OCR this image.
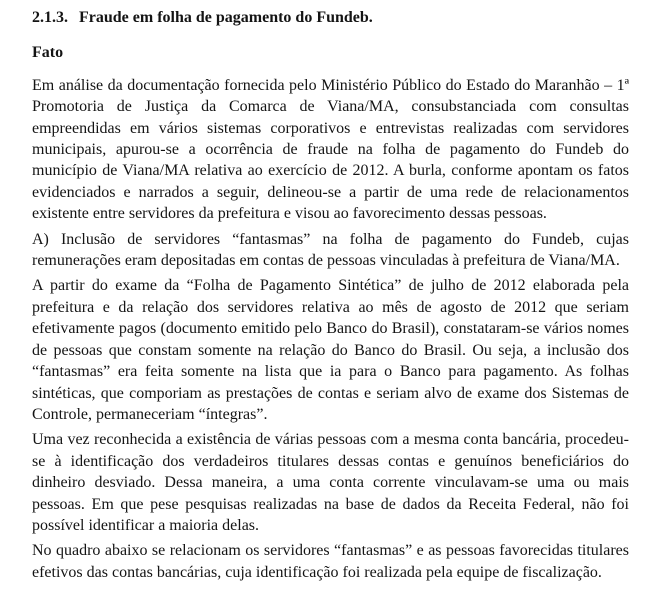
2.1.3. Fraude em folha de pagamento do Fundeb.
Fato

Em análise da documentação fornecida pelo Ministério Público do Estado do Maranhão – 1ª Promotoria de Justiça da Comarca de Viana/MA, consubstanciada com consultas empreendidas em vários sistemas corporativos e entrevistas realizadas com servidores municipais, apurou-se a ocorrência de fraude na folha de pagamento do Fundeb do município de Viana/MA relativa ao exercício de 2012. A burla, conforme apontam os fatos evidenciados e narrados a seguir, delineou-se a partir de uma rede de relacionamentos existente entre servidores da prefeitura e visou ao favorecimento dessas pessoas.

A) Inclusão de servidores “fantasmas” na folha de pagamento do Fundeb, cujas remunerações eram depositadas em contas de pessoas vinculadas à prefeitura de Viana/MA.

A partir do exame da “Folha de Pagamento Sintética” de julho de 2012 elaborada pela prefeitura e da relação dos servidores relativa ao mês de agosto de 2012 que seriam efetivamente pagos (documento emitido pelo Banco do Brasil), constataram-se vários nomes de pessoas que constam somente na relação do Banco do Brasil. Ou seja, a inclusão dos “fantasmas” era feita somente na lista que ia para o Banco para pagamento. As folhas sintéticas, que comporiam as prestações de contas e seriam alvo de exame dos Sistemas de Controle, permaneceriam “íntegras”.

Uma vez reconhecida a existência de várias pessoas com a mesma conta bancária, procedeu-se à identificação dos verdadeiros titulares dessas contas e genuínos beneficiários do dinheiro desviado. Dessa maneira, a uma conta corrente vinculavam-se uma ou mais pessoas. Em que pese pesquisas realizadas na base de dados da Receita Federal, não foi possível identificar a maioria delas.

No quadro abaixo se relacionam os servidores “fantasmas” e as pessoas favorecidas titulares efetivos das contas bancárias, cuja identificação foi realizada pela equipe de fiscalização.
